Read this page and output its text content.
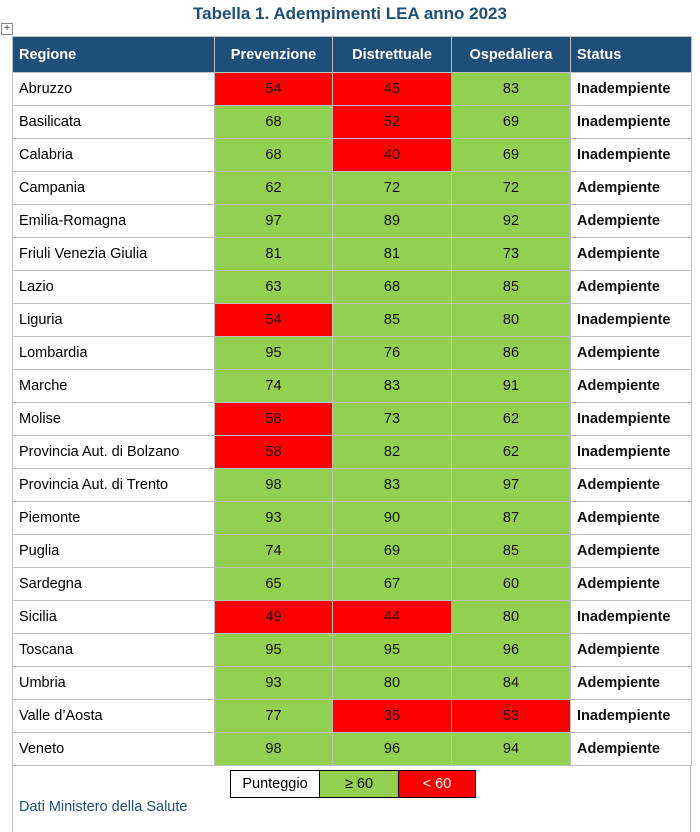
Tabella 1. Adempimenti LEA anno 2023
+
Regione	Prevenzione	Distrettuale	Ospedaliera	Status
Abruzzo	54	45	83	Inadempiente
Basilicata	68	52	69	Inadempiente
Calabria	68	40	69	Inadempiente
Campania	62	72	72	Adempiente
Emilia-Romagna	97	89	92	Adempiente
Friuli Venezia Giulia	81	81	73	Adempiente
Lazio	63	68	85	Adempiente
Liguria	54	85	80	Inadempiente
Lombardia	95	76	86	Adempiente
Marche	74	83	91	Adempiente
Molise	58	73	62	Inadempiente
Provincia Aut. di Bolzano	58	82	62	Inadempiente
Provincia Aut. di Trento	98	83	97	Adempiente
Piemonte	93	90	87	Adempiente
Puglia	74	69	85	Adempiente
Sardegna	65	67	60	Adempiente
Sicilia	49	44	80	Inadempiente
Toscana	95	95	96	Adempiente
Umbria	93	80	84	Adempiente
Valle d’Aosta	77	35	53	Inadempiente
Veneto	98	96	94	Adempiente
Punteggio	≥ 60	< 60
Dati Ministero della Salute
